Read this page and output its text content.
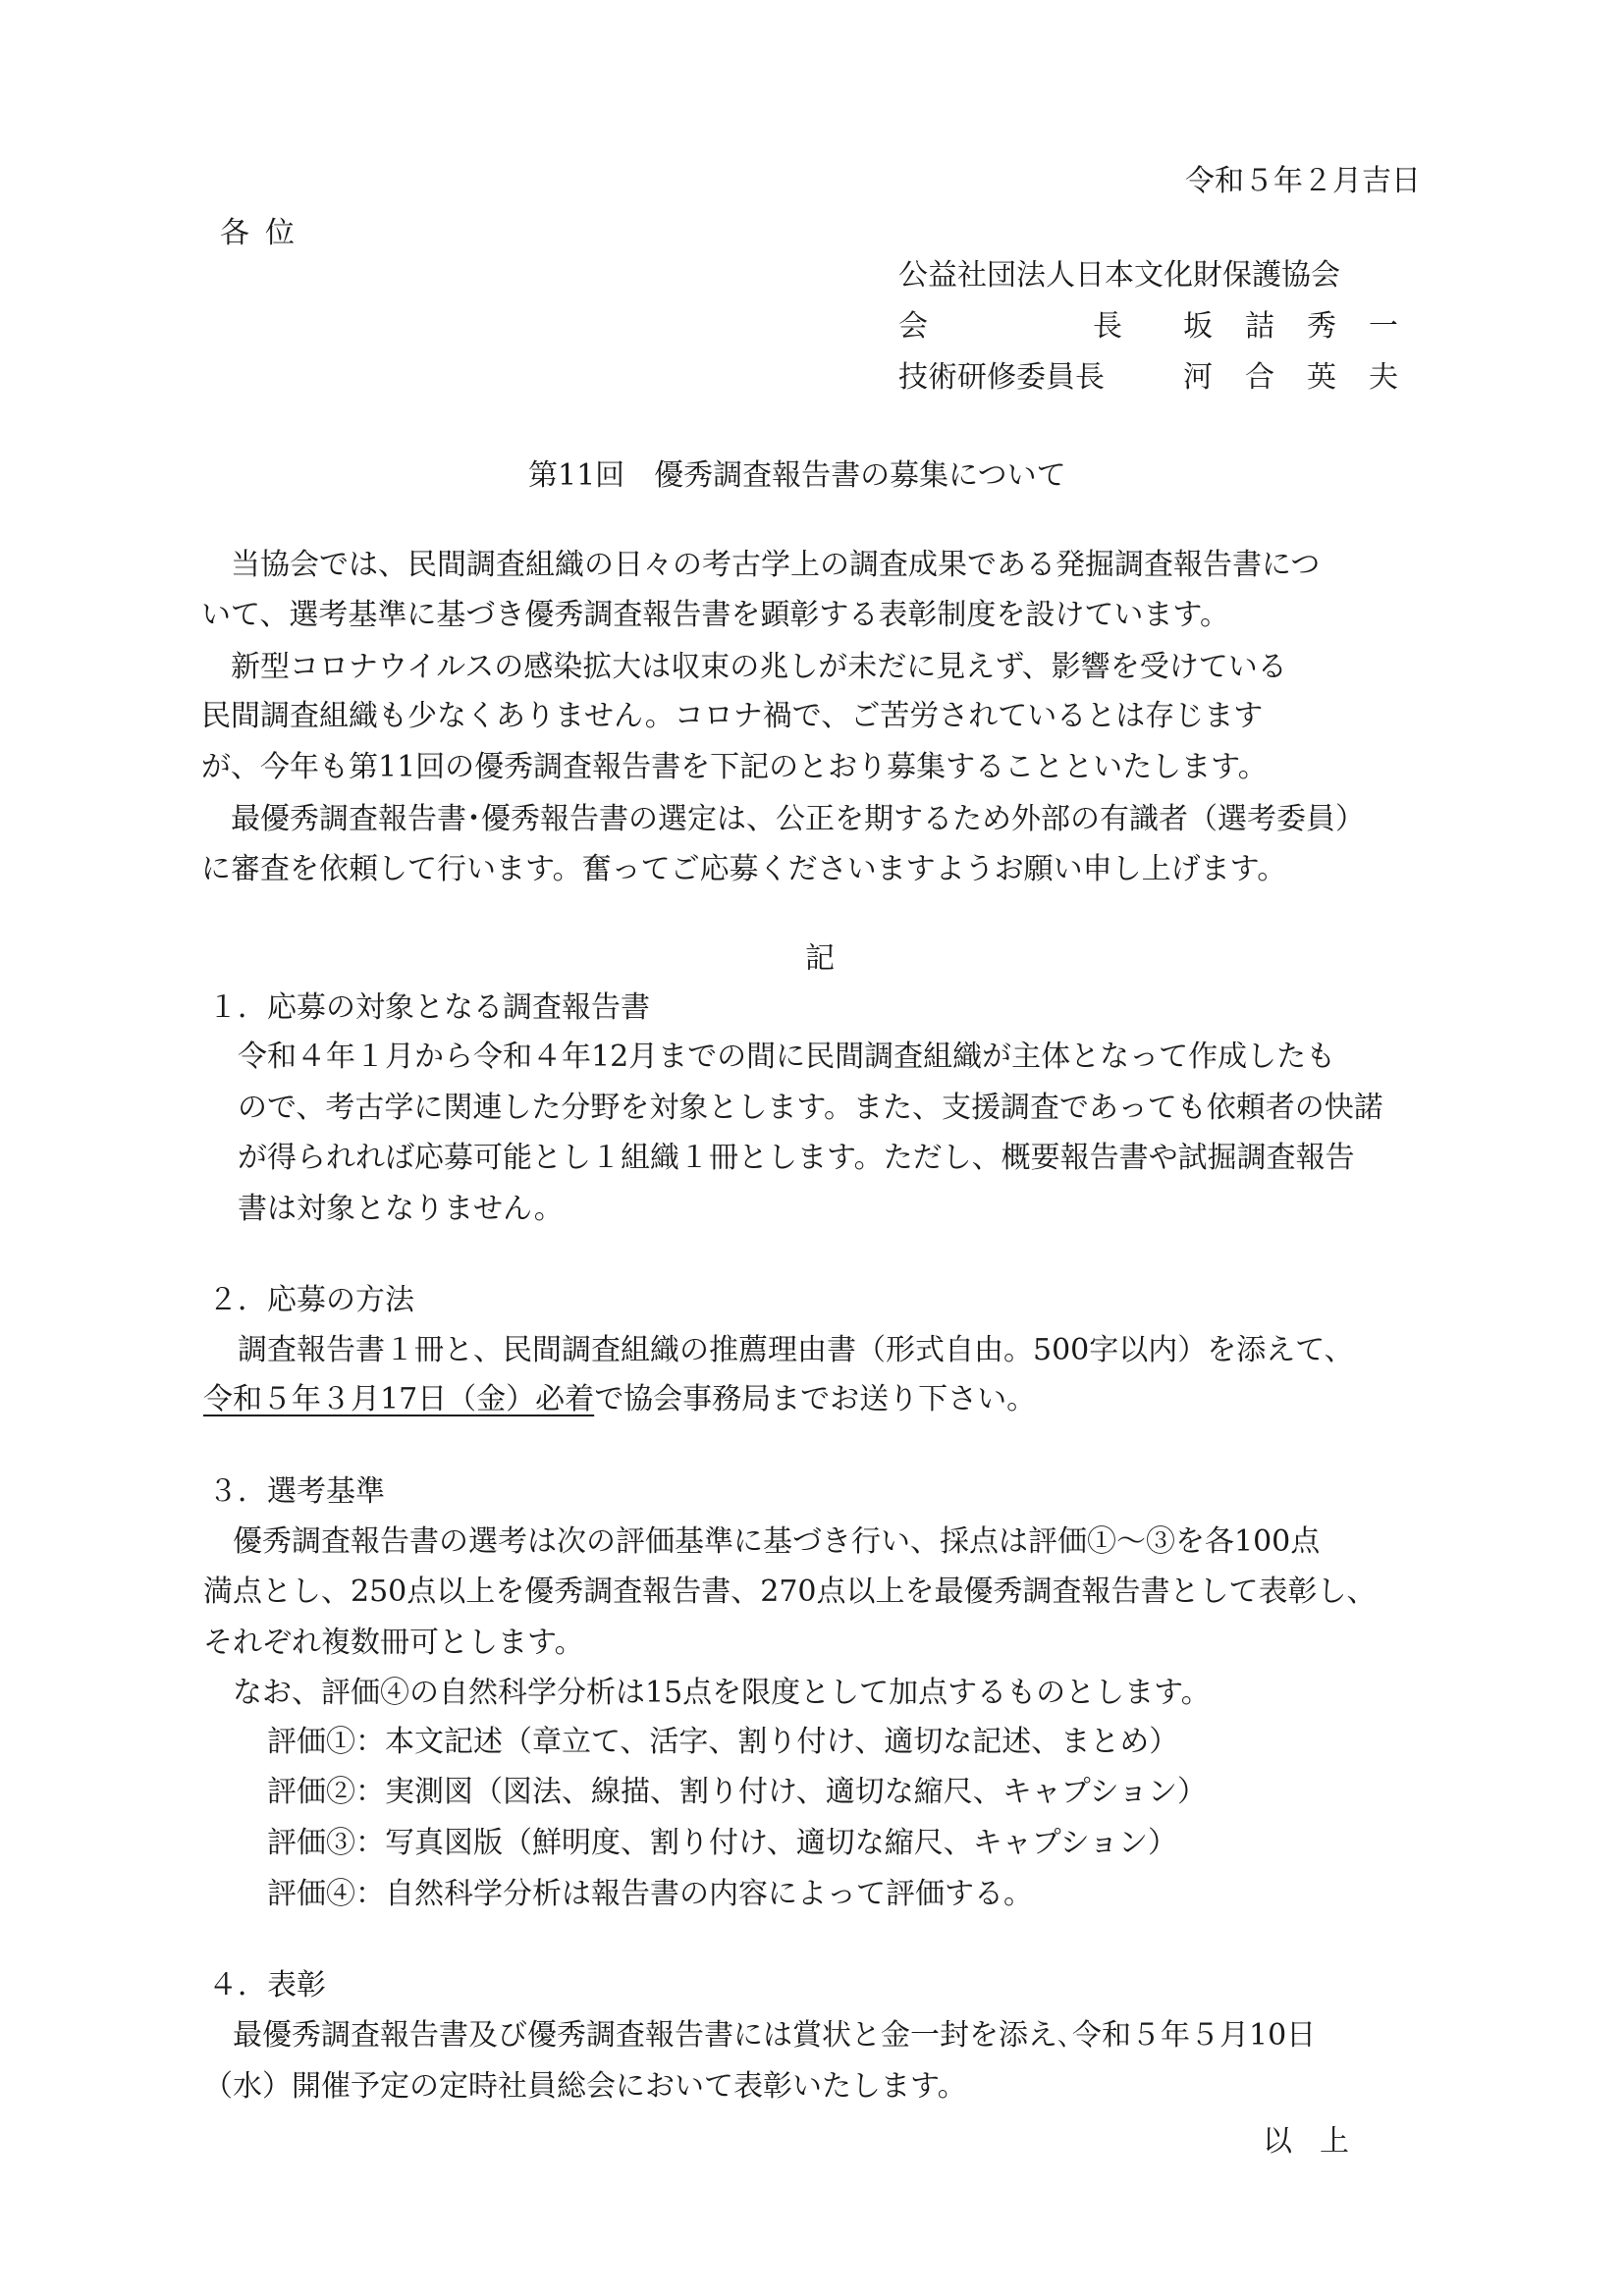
令和５年２月吉日
各位
公益社団法人日本文化財保護協会
会	長 坂詰秀一
技術研修委員長	河合英夫
第11回　優秀調査報告書の募集について
　当協会では、民間調査組織の日々の考古学上の調査成果である発掘調査報告書につ
いて、選考基準に基づき優秀調査報告書を顕彰する表彰制度を設けています。
　新型コロナウイルスの感染拡大は収束の兆しが未だに見えず、影響を受けている
民間調査組織も少なくありません。コロナ禍で、ご苦労されているとは存じます
が、今年も第11回の優秀調査報告書を下記のとおり募集することといたします。
　最優秀調査報告書･優秀報告書の選定は、公正を期するため外部の有識者（選考委員）
に審査を依頼して行います。奮ってご応募くださいますようお願い申し上げます。
記
１．応募の対象となる調査報告書
　令和４年１月から令和４年12月までの間に民間調査組織が主体となって作成したも
　ので、考古学に関連した分野を対象とします。また、支援調査であっても依頼者の快諾
　が得られれば応募可能とし１組織１冊とします。ただし、概要報告書や試掘調査報告
　書は対象となりません。
２．応募の方法
　調査報告書１冊と、民間調査組織の推薦理由書（形式自由。500字以内）を添えて、
令和５年３月17日（金）必着で協会事務局までお送り下さい。
３．選考基準
　優秀調査報告書の選考は次の評価基準に基づき行い、採点は評価①～③を各100点
満点とし、250点以上を優秀調査報告書、270点以上を最優秀調査報告書として表彰し、
それぞれ複数冊可とします。
　なお、評価④の自然科学分析は15点を限度として加点するものとします。
評価①：本文記述（章立て、活字、割り付け、適切な記述、まとめ）
評価②：実測図（図法、線描、割り付け、適切な縮尺、キャプション）
評価③：写真図版（鮮明度、割り付け、適切な縮尺、キャプション）
評価④：自然科学分析は報告書の内容によって評価する。
４．表彰
　最優秀調査報告書及び優秀調査報告書には賞状と金一封を添え､令和５年５月10日
（水）開催予定の定時社員総会において表彰いたします。
以上
